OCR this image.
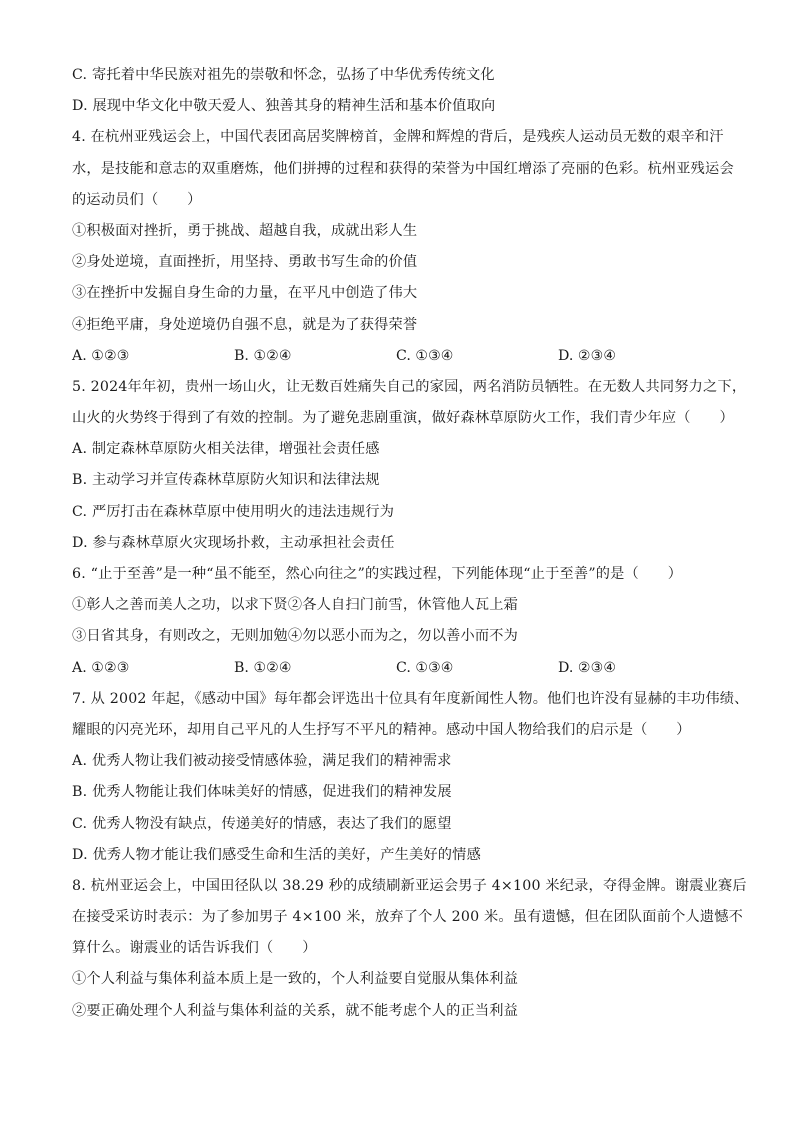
C. 寄托着中华民族对祖先的崇敬和怀念，弘扬了中华优秀传统文化
D. 展现中华文化中敬天爱人、独善其身的精神生活和基本价值取向
4. 在杭州亚残运会上，中国代表团高居奖牌榜首，金牌和辉煌的背后，是残疾人运动员无数的艰辛和汗
水，是技能和意志的双重磨炼，他们拼搏的过程和获得的荣誉为中国红增添了亮丽的色彩。杭州亚残运会
的运动员们（　　）
①积极面对挫折，勇于挑战、超越自我，成就出彩人生
②身处逆境，直面挫折，用坚持、勇敢书写生命的价值
③在挫折中发掘自身生命的力量，在平凡中创造了伟大
④拒绝平庸，身处逆境仍自强不息，就是为了获得荣誉
A. ①②③	B. ①②④	C. ①③④	D. ②③④
5. 2024年年初，贵州一场山火，让无数百姓痛失自己的家园，两名消防员牺牲。在无数人共同努力之下，
山火的火势终于得到了有效的控制。为了避免悲剧重演，做好森林草原防火工作，我们青少年应（　　）
A. 制定森林草原防火相关法律，增强社会责任感
B. 主动学习并宣传森林草原防火知识和法律法规
C. 严厉打击在森林草原中使用明火的违法违规行为
D. 参与森林草原火灾现场扑救，主动承担社会责任
6. “止于至善”是一种“虽不能至，然心向往之”的实践过程，下列能体现“止于至善”的是（　　）
①彰人之善而美人之功，以求下贤②各人自扫门前雪，休管他人瓦上霜
③日省其身，有则改之，无则加勉④勿以恶小而为之，勿以善小而不为
A. ①②③	B. ①②④	C. ①③④	D. ②③④
7. 从 2002 年起，《感动中国》每年都会评选出十位具有年度新闻性人物。他们也许没有显赫的丰功伟绩、
耀眼的闪亮光环，却用自己平凡的人生抒写不平凡的精神。感动中国人物给我们的启示是（　　）
A. 优秀人物让我们被动接受情感体验，满足我们的精神需求
B. 优秀人物能让我们体味美好的情感，促进我们的精神发展
C. 优秀人物没有缺点，传递美好的情感，表达了我们的愿望
D. 优秀人物才能让我们感受生命和生活的美好，产生美好的情感
8. 杭州亚运会上，中国田径队以 38.29 秒的成绩刷新亚运会男子 4×100 米纪录，夺得金牌。谢震业赛后
在接受采访时表示：为了参加男子 4×100 米，放弃了个人 200 米。虽有遗憾，但在团队面前个人遗憾不
算什么。谢震业的话告诉我们（　　）
①个人利益与集体利益本质上是一致的，个人利益要自觉服从集体利益
②要正确处理个人利益与集体利益的关系，就不能考虑个人的正当利益
